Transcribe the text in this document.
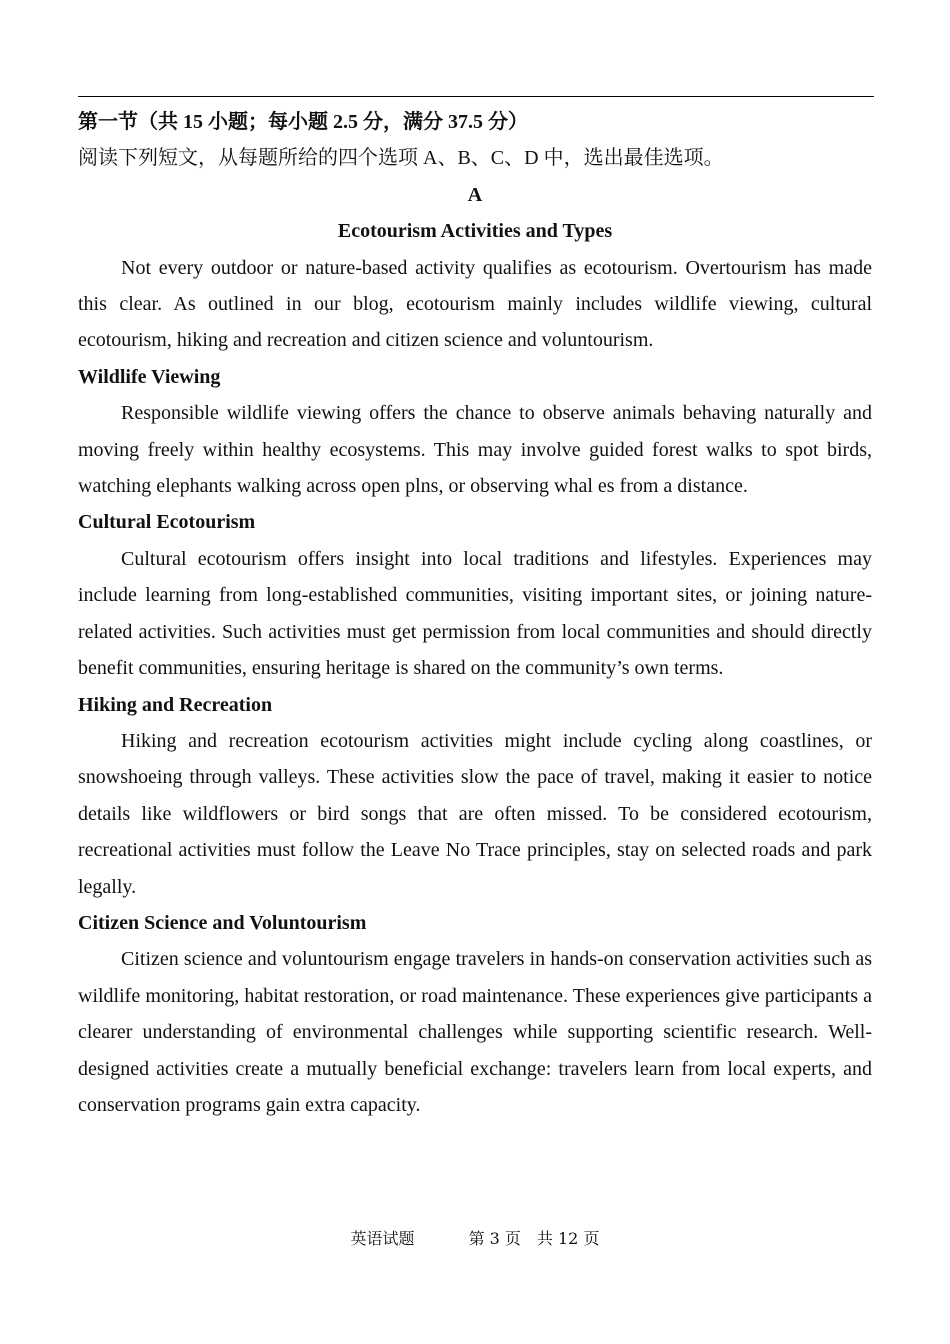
第一节（共 15 小题；每小题 2.5 分，满分 37.5 分）

阅读下列短文，从每题所给的四个选项 A、B、C、D 中，选出最佳选项。

A

Ecotourism Activities and Types

Not every outdoor or nature-based activity qualifies as ecotourism. Overtourism has made this clear. As outlined in our blog, ecotourism mainly includes wildlife viewing, cultural ecotourism, hiking and recreation and citizen science and voluntourism.

Wildlife Viewing

Responsible wildlife viewing offers the chance to observe animals behaving naturally and moving freely within healthy ecosystems. This may involve guided forest walks to spot birds, watching elephants walking across open plns, or observing whal es from a distance.

Cultural Ecotourism

Cultural ecotourism offers insight into local traditions and lifestyles. Experiences may include learning from long-established communities, visiting important sites, or joining nature-related activities. Such activities must get permission from local communities and should directly benefit communities, ensuring heritage is shared on the community’s own terms.

Hiking and Recreation

Hiking and recreation ecotourism activities might include cycling along coastlines, or snowshoeing through valleys. These activities slow the pace of travel, making it easier to notice details like wildflowers or bird songs that are often missed. To be considered ecotourism, recreational activities must follow the Leave No Trace principles, stay on selected roads and park legally.

Citizen Science and Voluntourism

Citizen science and voluntourism engage travelers in hands-on conservation activities such as wildlife monitoring, habitat restoration, or road maintenance. These experiences give participants a clearer understanding of environmental challenges while supporting scientific research. Well-designed activities create a mutually beneficial exchange: travelers learn from local experts, and conservation programs gain extra capacity.

英语试题	第 3 页　共 12 页
